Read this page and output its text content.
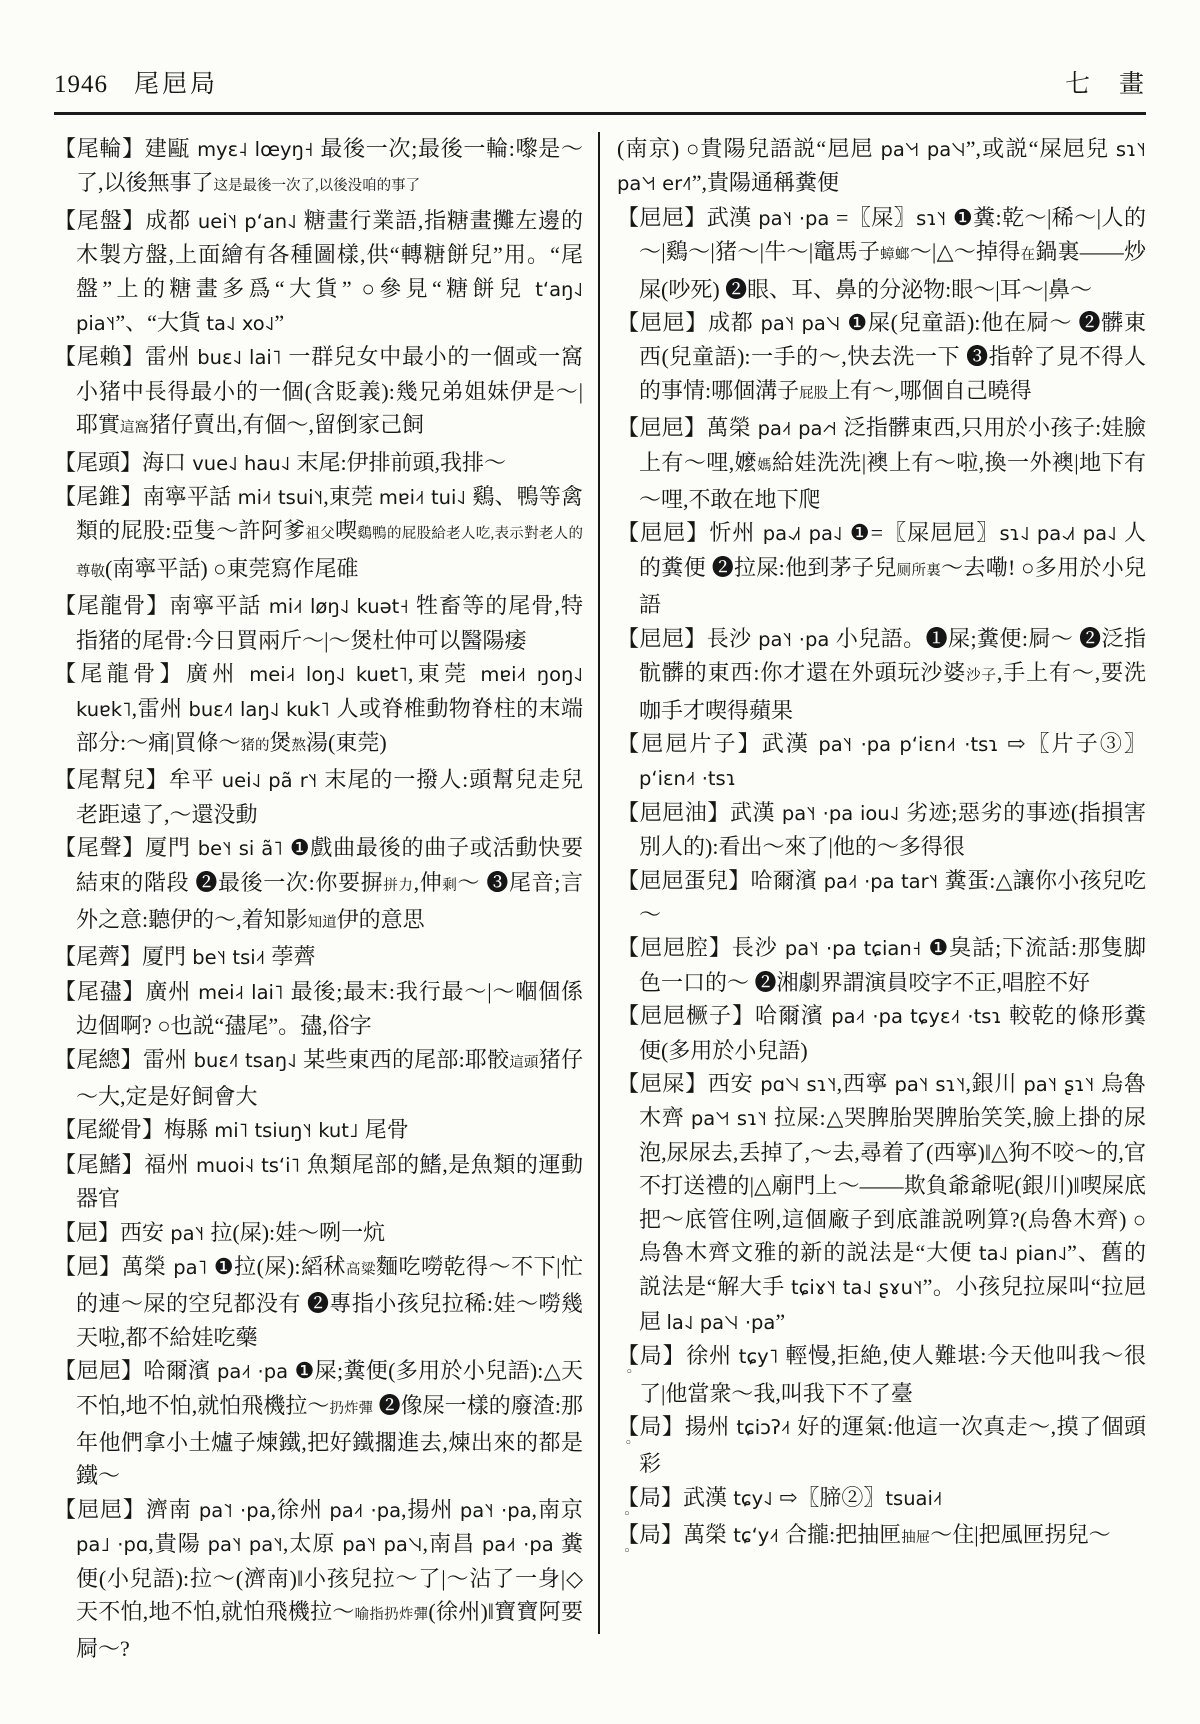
1946 尾㞎局	七　畫

【尾輪】建甌 myɛ˨ lœyŋ˧ 最後一次;最後一輪:嚟是～了,以後無事了这是最後一次了,以後没咱的事了

【尾盤】成都 uei˥˧ pʻan˨˩ 糖畫行業語,指糖畫攤左邊的木製方盤,上面繪有各種圖樣,供“轉糖餅兒”用。“尾盤”上的糖畫多爲“大貨” ○參見“糖餅兒 tʻaŋ˨˩ pia˥˧”、“大貨 ta˨˩ xo˨˩”

【尾賴】雷州 buɛ˨˩ lai˥ 一群兒女中最小的一個或一窩小猪中長得最小的一個(含貶義):幾兄弟姐妹伊是～|耶實這窩猪仔賣出,有個～,留倒家己飼

【尾頭】海口 vue˨˩ hau˨˩ 末尾:伊排前頭,我排～

【尾錐】南寧平話 mi˨˦ tsui˥˧,東莞 mɐi˨˦ tui˨˩ 鷄、鴨等禽類的屁股:亞隻～許阿爹祖父喫鷄鴨的屁股給老人吃,表示對老人的尊敬(南寧平話) ○東莞寫作尾碓

【尾龍骨】南寧平話 mi˨˦ løŋ˨˩ kuət˧ 牲畜等的尾骨,特指猪的尾骨:今日買兩斤～|～煲杜仲可以醫陽痿

【尾龍骨】廣州 mei˨˧ loŋ˨˩ kuɐt˥,東莞 mɐi˨˦ ŋoŋ˨˩ kuɐk˥,雷州 buɛ˨˥ laŋ˨˩ kuk˥ 人或脊椎動物脊柱的末端部分:～痛|買條～猪的煲熬湯(東莞)

【尾幫兒】牟平 uei˨˩ pã r˥˧ 末尾的一撥人:頭幫兒走兒老距遠了,～還没動

【尾聲】厦門 be˥˧ si ã˥ ❶戲曲最後的曲子或活動快要結束的階段 ❷最後一次:你要摒拼力,伸剩～ ❸尾音;言外之意:聽伊的～,着知影知道伊的意思

【尾薺】厦門 be˥˧ tsi˨˦ 荸薺

【尾孻】廣州 mei˨˧ lai˥ 最後;最末:我行最～|～嗰個係边個啊? ○也説“孻尾”。孻,俗字

【尾總】雷州 buɛ˨˥ tsaŋ˨˩ 某些東西的尾部:耶骹這頭猪仔～大,定是好飼會大

【尾縱骨】梅縣 mi˥ tsiuŋ˥˧ kut˩ 尾骨

【尾鰭】福州 muoi˧˨ tsʻi˥ 魚類尾部的鰭,是魚類的運動器官

【㞎】西安 pa˥˧ 拉(屎):娃～咧一炕

【㞎】萬榮 pa˥ ❶拉(屎):縚秫高粱麵吃嘮乾得～不下|忙的連～屎的空兒都没有 ❷專指小孩兒拉稀:娃～嘮幾天啦,都不給娃吃藥

【㞎㞎】哈爾濱 pa˨˦ ·pa ❶屎;糞便(多用於小兒語):△天不怕,地不怕,就怕飛機拉～扔炸彈 ❷像屎一樣的廢渣:那年他們拿小土爐子煉鐵,把好鐵擱進去,煉出來的都是鐵～

【㞎㞎】濟南 pa˥˦ ·pa,徐州 pa˨˦ ·pa,揚州 pa˥˧ ·pa,南京 pa˩ ·pɑ,貴陽 pa˥˧ pa˥˧,太原 pa˥˧ pa˥˧˨,南昌 pa˨˦ ·pa 糞便(小兒語):拉～(濟南)‖小孩兒拉～了|～沾了一身|◇天不怕,地不怕,就怕飛機拉～喻指扔炸彈(徐州)‖寶寶阿要屙～?

(南京) ○貴陽兒語説“㞎㞎 pa˥˧˦ pa˥˧˨”,或説“屎㞎兒 sɿ˥˧ pa˥˧˦ er˨˥”,貴陽通稱糞便

【㞎㞎】武漢 pa˥˧ ·pa =〖屎〗sɿ˥˧ ❶糞:乾～|稀～|人的～|鷄～|猪～|牛～|竈馬子蟑螂～|△～掉得在鍋裏——炒屎(吵死) ❷眼、耳、鼻的分泌物:眼～|耳～|鼻～

【㞎㞎】成都 pa˥˧ pa˥˧˨ ❶屎(兒童語):他在屙～ ❷髒東西(兒童語):一手的～,快去洗一下 ❸指幹了見不得人的事情:哪個溝子屁股上有～,哪個自己曉得

【㞎㞎】萬榮 pa˨˦ pa˨˦˧ 泛指髒東西,只用於小孩子:娃臉上有～哩,嬤媽給娃洗洗|襖上有～啦,換一外襖|地下有～哩,不敢在地下爬

【㞎㞎】忻州 pa˨˩˦ pa˨˩ ❶=〖屎㞎㞎〗sɿ˨˩ pa˨˩˦ pa˨˩ 人的糞便 ❷拉屎:他到茅子兒厕所裏～去嘞! ○多用於小兒語

【㞎㞎】長沙 pa˥˧ ·pa 小兒語。❶屎;糞便:屙～ ❷泛指骯髒的東西:你才還在外頭玩沙婆沙子,手上有～,要洗咖手才喫得蘋果

【㞎㞎片子】武漢 pa˥˧ ·pa pʻiɛn˨˦ ·tsɿ ⇨〖片子③〗pʻiɛn˨˦ ·tsɿ

【㞎㞎油】武漢 pa˥˧ ·pa iou˨˩ 劣迹;惡劣的事迹(指損害別人的):看出～來了|他的～多得很

【㞎㞎蛋兒】哈爾濱 pa˨˦ ·pa tar˥˧ 糞蛋:△讓你小孩兒吃～

【㞎㞎腔】長沙 pa˥˧ ·pa tɕian˧ ❶臭話;下流話:那隻脚色一口的～ ❷湘劇界謂演員咬字不正,唱腔不好

【㞎㞎橛子】哈爾濱 pa˨˦ ·pa tɕyɛ˨˦ ·tsɿ 較乾的條形糞便(多用於小兒語)

【㞎屎】西安 pɑ˥˧˨ sɿ˥˧,西寧 pa˥˧ sɿ˥˧,銀川 pa˥˧ ʂɿ˥˧ 烏魯木齊 pa˥˧˦ sɿ˥˧ 拉屎:△哭脾胎哭脾胎笑笑,臉上掛的尿泡,尿尿去,丢掉了,～去,尋着了(西寧)‖△狗不咬～的,官不打送禮的|△廟門上～——欺負爺爺呢(銀川)‖喫屎底把～底管住咧,這個廠子到底誰説咧算?(烏魯木齊) ○烏魯木齊文雅的新的説法是“大便 ta˨˩ pian˨˩”、舊的説法是“解大手 tɕiɤ˥˧ ta˨˩ ʂɤu˥˧”。小孩兒拉屎叫“拉㞎㞎 la˨˩ pa˥˧˨ ·pa”

【局】◦徐州 tɕy˥ 輕慢,拒絶,使人難堪:今天他叫我～很了|他當衆～我,叫我下不了臺

【局】◦揚州 tɕiɔʔ˨˦ 好的運氣:他這一次真走～,摸了個頭彩

【局】◦武漢 tɕy˨˩ ⇨〖腣②〗tsuai˨˦

【局】◦萬榮 tɕʻy˨˦ 合攏:把抽匣抽屉～住|把風匣拐兒～
